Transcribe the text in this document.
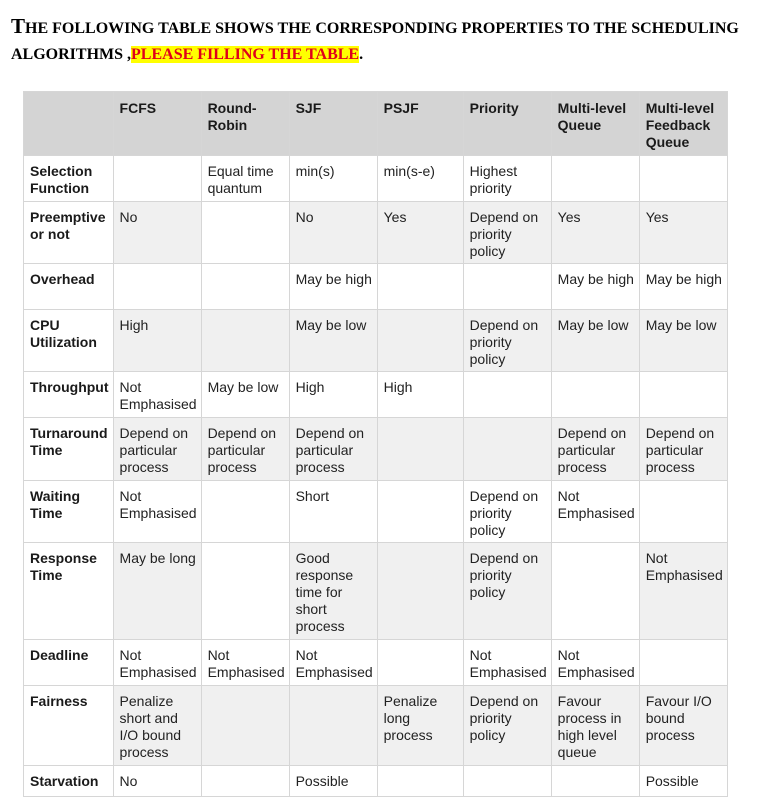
THE FOLLOWING TABLE SHOWS THE CORRESPONDING PROPERTIES TO THE SCHEDULING ALGORITHMS ,PLEASE FILLING THE TABLE.

	FCFS	Round-Robin	SJF	PSJF	Priority	Multi-level Queue	Multi-level Feedback Queue
Selection Function		Equal time quantum	min(s)	min(s-e)	Highest priority		
Preemptive or not	No		No	Yes	Depend on priority policy	Yes	Yes
Overhead			May be high			May be high	May be high
CPU Utilization	High		May be low		Depend on priority policy	May be low	May be low
Throughput	Not Emphasised	May be low	High	High			
Turnaround Time	Depend on particular process	Depend on particular process	Depend on particular process			Depend on particular process	Depend on particular process
Waiting Time	Not Emphasised		Short		Depend on priority policy	Not Emphasised	
Response Time	May be long		Good response time for short process		Depend on priority policy		Not Emphasised
Deadline	Not Emphasised	Not Emphasised	Not Emphasised		Not Emphasised	Not Emphasised	
Fairness	Penalize short and I/O bound process			Penalize long process	Depend on priority policy	Favour process in high level queue	Favour I/O bound process
Starvation	No		Possible				Possible
